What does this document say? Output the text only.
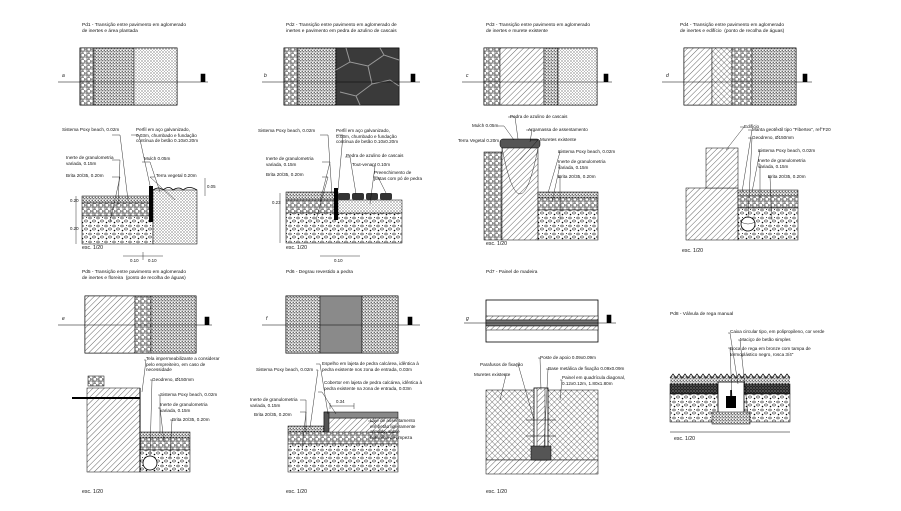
Pd1 - Transição entre pavimento em aglomerado
de inertes e área plantada
a
Sistema Poxy beach, 0.02m	Perfil em aço galvanizado,
0.03m, chumbado e fundação
contínua de betão 0.10x0.20m
Inerte de granulometria
variada, 0.15m
Mulch 0.05m
Brita 20/35, 0.20m	Terra vegetal 0.20m
0.10 0.10
0.20
0.20
0.05
esc. 1/20
Pd2 - Transição entre pavimento em aglomerado de
inertes e pavimento em pedra de azulino de cascais
b
Sistema Poxy beach, 0.02m	Perfil em aço galvanizado,
0.03m, chumbado e fundação
contínua de betão 0.10x0.20m
Inerte de granulometria
variada, 0.15m
Pedra de azulino de cascais
Tout-venant 0.10m
Brita 20/35, 0.20m	Preenchimento de
juntas com pó de pedra
0.10
0.23
esc. 1/20
Pd3 - Transição entre pavimento em aglomerado
de inertes e murete existente
c
Pedra de azulino de cascais
Mulch 0.05m
Argamassa de assentamento
Terra Vegetal 0.20m	Muretes existente
Sistema Poxy beach, 0.02m
Inerte de granulometria
variada, 0.15m
Brita 20/35, 0.20m
esc. 1/20
Pd4 - Transição entre pavimento em aglomerado
de inertes e edifício  (ponto de recolha de águas)
d
Edifício
Manta geotêxtil tipo "Fibertex", ref°F20
Geodreno, Ø150mm
Sistema Poxy beach, 0.02m
Inerte de granulometria
variada, 0.15m
Brita 20/35, 0.20m
esc. 1/20
Pd5 - Transição entre pavimento em aglomerado
de inertes e floreira  (ponto de recolha de águas)
e
Tela impermeabilizante a considerar
pelo empreiteiro, em caso de
necessidade
Geodreno, Ø150mm
Sistema Poxy beach, 0.02m
Inerte de granulometria
variada, 0.15m
Brita 20/35, 0.20m
esc. 1/20
Pd6 - Degrau revestido a pedra
f
Sistema Poxy beach, 0.02m
Espelho em lajeta de pedra calcárea, idêntica à
pedra existente nos zona de entrada, 0.03m
Cobertor em lajeta de pedra calcárea, idêntica à
pedra existente na zona de entrada, 0.03m
Inerte de granulometria
variada, 0.15m
Brita 20/35, 0.20m
Laje de assentamento
em betão ligeiramente
armado, sobre
betonilha de limpeza
0.34
esc. 1/20
Pd7 - Painel de madeira
g
Poste de apoio 0.09x0.09m
Parafusos de fixação
Base metálica de fixação 0.09x0.09m
Muretes existente
Painel em quadrícula diagonal,
0.12x0.12m, 1.80x1.80m
esc. 1/20
Pd8 - Válvula de rega manual
Caixa circular tipo, em polipropileno, cor verde
Maciço de betão simples
Boca de rega em bronze com tampa de
termoplástico negro, rosca 3/4"
esc. 1/20
